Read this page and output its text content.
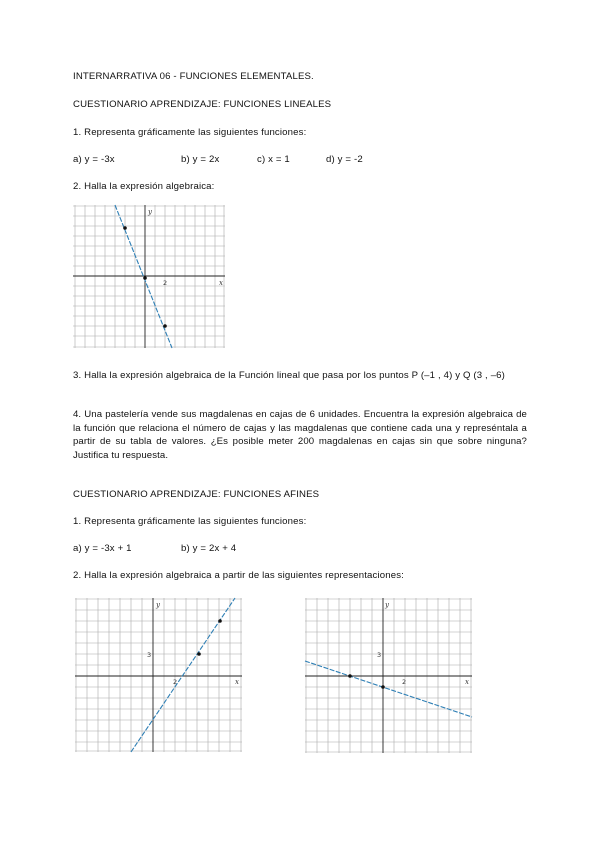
INTERNARRATIVA 06 - FUNCIONES ELEMENTALES.
CUESTIONARIO APRENDIZAJE: FUNCIONES LINEALES
1. Representa gráficamente las siguientes funciones:
a) y = -3x	b) y = 2x	c) x = 1	d) y = -2
2. Halla la expresión algebraica:
x
y
2
3. Halla la expresión algebraica de la Función lineal que pasa por los puntos P (–1 , 4) y Q (3 , –6)
4. Una pastelería vende sus magdalenas en cajas de 6 unidades. Encuentra la expresión algebraica de la función que relaciona el número de cajas y las magdalenas que contiene cada una y represéntala a partir de su tabla de valores. ¿Es posible meter 200 magdalenas en cajas sin que sobre ninguna? Justifica tu respuesta.
CUESTIONARIO APRENDIZAJE: FUNCIONES AFINES
1. Representa gráficamente las siguientes funciones:
a) y = -3x + 1	b) y = 2x + 4
2. Halla la expresión algebraica a partir de las siguientes representaciones:
x
y
2
3
x
y
2
3
